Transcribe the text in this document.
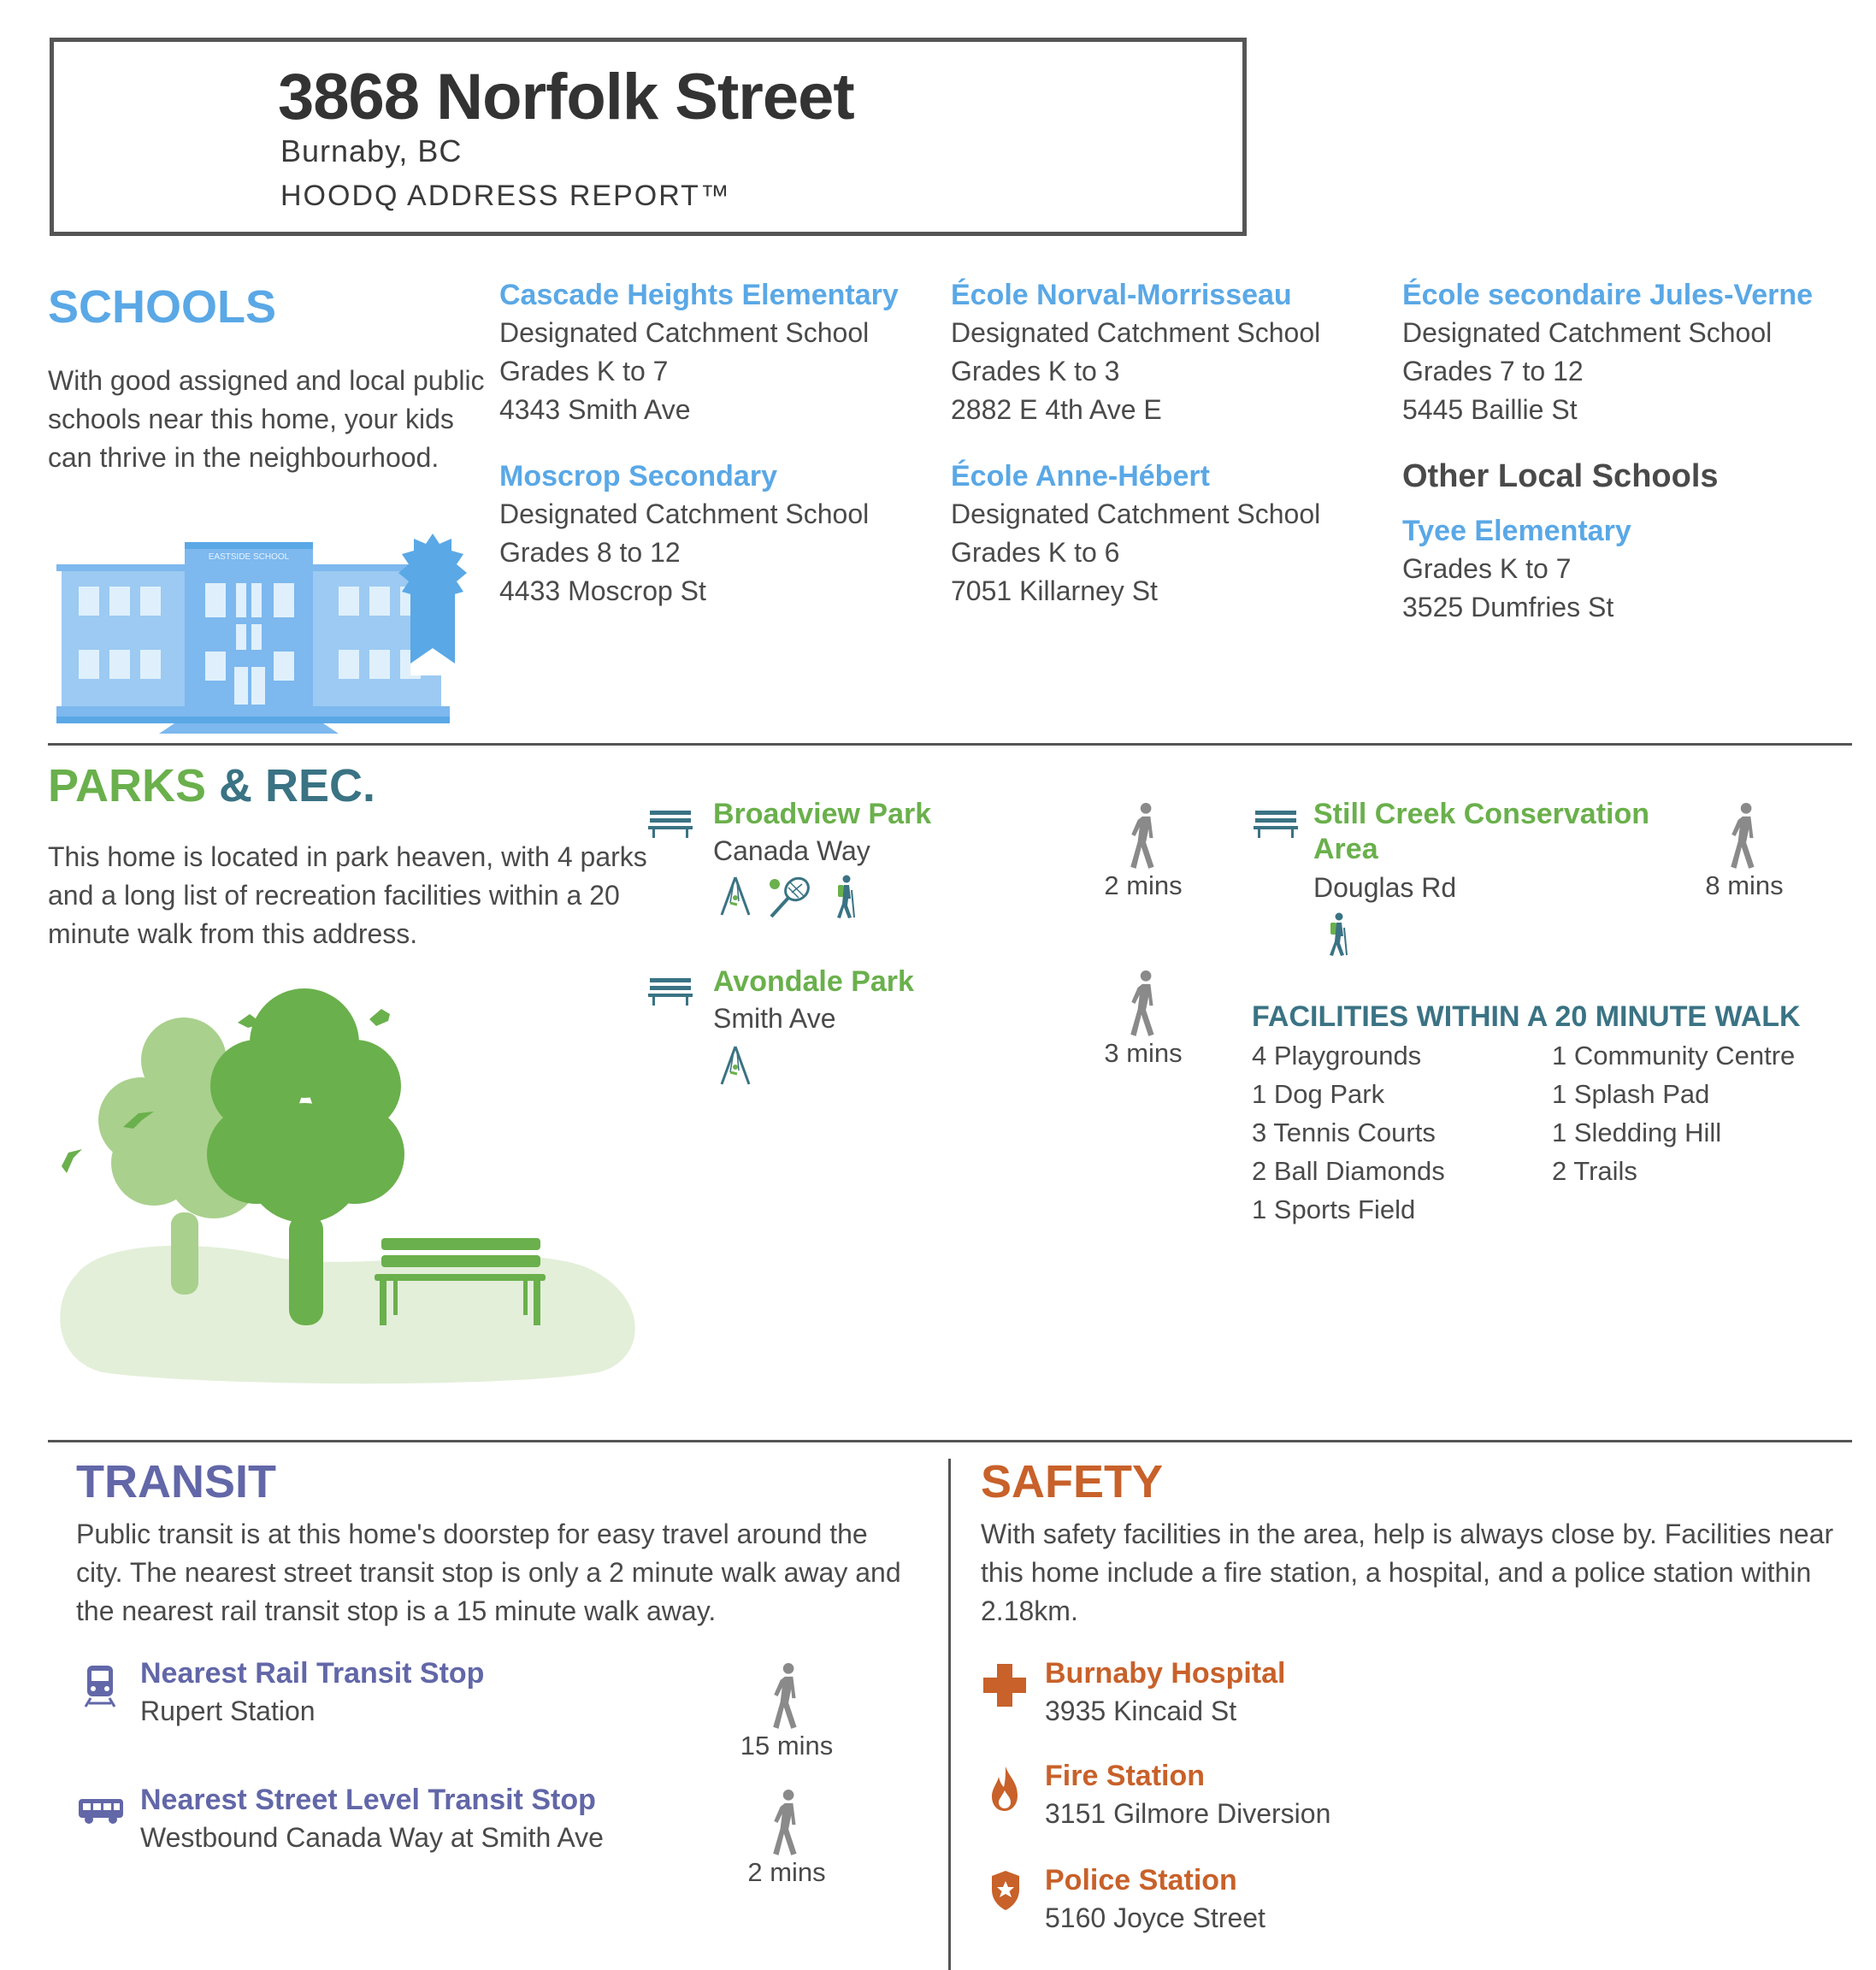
3868 Norfolk Street
Burnaby, BC
HOODQ ADDRESS REPORT™
SCHOOLS
With good assigned and local public schools near this home, your kids can thrive in the neighbourhood.
EASTSIDE SCHOOL
Cascade Heights Elementary
Designated Catchment School
Grades K to 7
4343 Smith Ave
École Norval-Morrisseau
Designated Catchment School
Grades K to 3
2882 E 4th Ave E
École secondaire Jules-Verne
Designated Catchment School
Grades 7 to 12
5445 Baillie St
Moscrop Secondary
Designated Catchment School
Grades 8 to 12
4433 Moscrop St
École Anne-Hébert
Designated Catchment School
Grades K to 6
7051 Killarney St
Other Local Schools
Tyee Elementary
Grades K to 7
3525 Dumfries St
PARKS & REC.
This home is located in park heaven, with 4 parks and a long list of recreation facilities within a 20 minute walk from this address.
Broadview Park
Canada Way
2 mins
Avondale Park
Smith Ave
3 mins
Still Creek Conservation
Area
Douglas Rd	8 mins
FACILITIES WITHIN A 20 MINUTE WALK
4 Playgrounds
1 Dog Park
3 Tennis Courts
2 Ball Diamonds
1 Sports Field
1 Community Centre
1 Splash Pad
1 Sledding Hill
2 Trails
TRANSIT
Public transit is at this home's doorstep for easy travel around the city. The nearest street transit stop is only a 2 minute walk away and the nearest rail transit stop is a 15 minute walk away.
Nearest Rail Transit Stop
Rupert Station
15 mins
Nearest Street Level Transit Stop
Westbound Canada Way at Smith Ave
2 mins
SAFETY
With safety facilities in the area, help is always close by. Facilities near this home include a fire station, a hospital, and a police station within 2.18km.
Burnaby Hospital
3935 Kincaid St
Fire Station
3151 Gilmore Diversion
Police Station
5160 Joyce Street
